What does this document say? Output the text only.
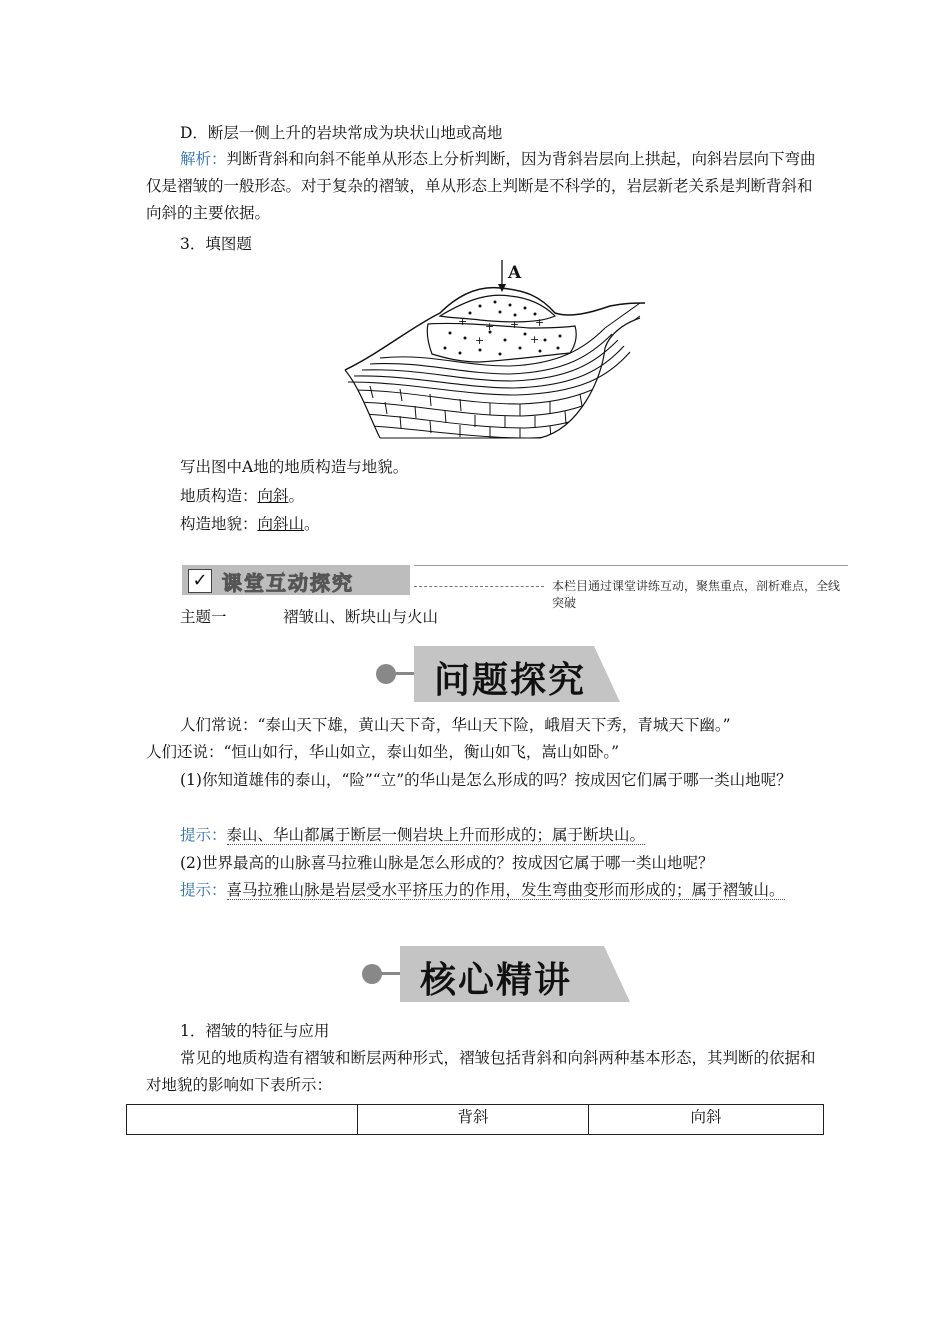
D．断层一侧上升的岩块常成为块状山地或高地
解析：判断背斜和向斜不能单从形态上分析判断，因为背斜岩层向上拱起，向斜岩层向下弯曲仅是褶皱的一般形态。对于复杂的褶皱，单从形态上判断是不科学的，岩层新老关系是判断背斜和向斜的主要依据。
3．填图题
+ + + +
+	+
A
写出图中A地的地质构造与地貌。
地质构造：向斜。
构造地貌：向斜山。
✓ 课堂互动探究	本栏目通过课堂讲练互动，聚焦重点，剖析难点，全线突破
主题一	褶皱山、断块山与火山
问题探究
人们常说：“泰山天下雄，黄山天下奇，华山天下险，峨眉天下秀，青城天下幽。”
人们还说：“恒山如行，华山如立，泰山如坐，衡山如飞，嵩山如卧。”
(1)你知道雄伟的泰山，“险”“立”的华山是怎么形成的吗？按成因它们属于哪一类山地呢？
提示：泰山、华山都属于断层一侧岩块上升而形成的；属于断块山。
(2)世界最高的山脉喜马拉雅山脉是怎么形成的？按成因它属于哪一类山地呢？
提示：喜马拉雅山脉是岩层受水平挤压力的作用，发生弯曲变形而形成的；属于褶皱山。
核心精讲
1．褶皱的特征与应用
常见的地质构造有褶皱和断层两种形式，褶皱包括背斜和向斜两种基本形态，其判断的依据和对地貌的影响如下表所示：
	背斜	向斜
